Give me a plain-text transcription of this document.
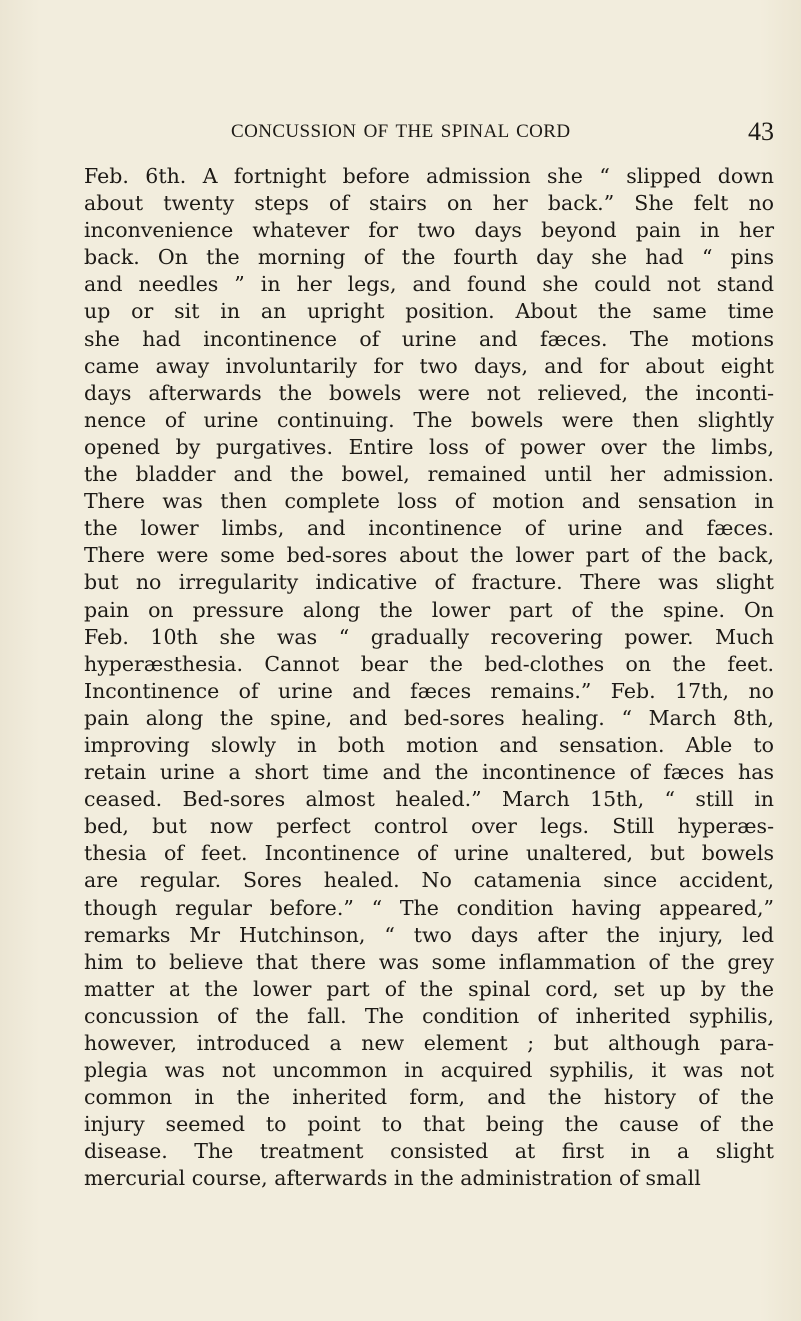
CONCUSSION OF THE SPINAL CORD	43
Feb. 6th. A fortnight before admission she “ slipped down
about twenty steps of stairs on her back.” She felt no
inconvenience whatever for two days beyond pain in her
back. On the morning of the fourth day she had “ pins
and needles ” in her legs, and found she could not stand
up or sit in an upright position. About the same time
she had incontinence of urine and fæces. The motions
came away involuntarily for two days, and for about eight
days afterwards the bowels were not relieved, the inconti-
nence of urine continuing. The bowels were then slightly
opened by purgatives. Entire loss of power over the limbs,
the bladder and the bowel, remained until her admission.
There was then complete loss of motion and sensation in
the lower limbs, and incontinence of urine and fæces.
There were some bed-sores about the lower part of the back,
but no irregularity indicative of fracture. There was slight
pain on pressure along the lower part of the spine. On
Feb. 10th she was “ gradually recovering power. Much
hyperæsthesia. Cannot bear the bed-clothes on the feet.
Incontinence of urine and fæces remains.” Feb. 17th, no
pain along the spine, and bed-sores healing. “ March 8th,
improving slowly in both motion and sensation. Able to
retain urine a short time and the incontinence of fæces has
ceased. Bed-sores almost healed.” March 15th, “ still in
bed, but now perfect control over legs. Still hyperæs-
thesia of feet. Incontinence of urine unaltered, but bowels
are regular. Sores healed. No catamenia since accident,
though regular before.” “ The condition having appeared,”
remarks Mr Hutchinson, “ two days after the injury, led
him to believe that there was some inflammation of the grey
matter at the lower part of the spinal cord, set up by the
concussion of the fall. The condition of inherited syphilis,
however, introduced a new element ; but although para-
plegia was not uncommon in acquired syphilis, it was not
common in the inherited form, and the history of the
injury seemed to point to that being the cause of the
disease. The treatment consisted at first in a slight
mercurial course, afterwards in the administration of small
